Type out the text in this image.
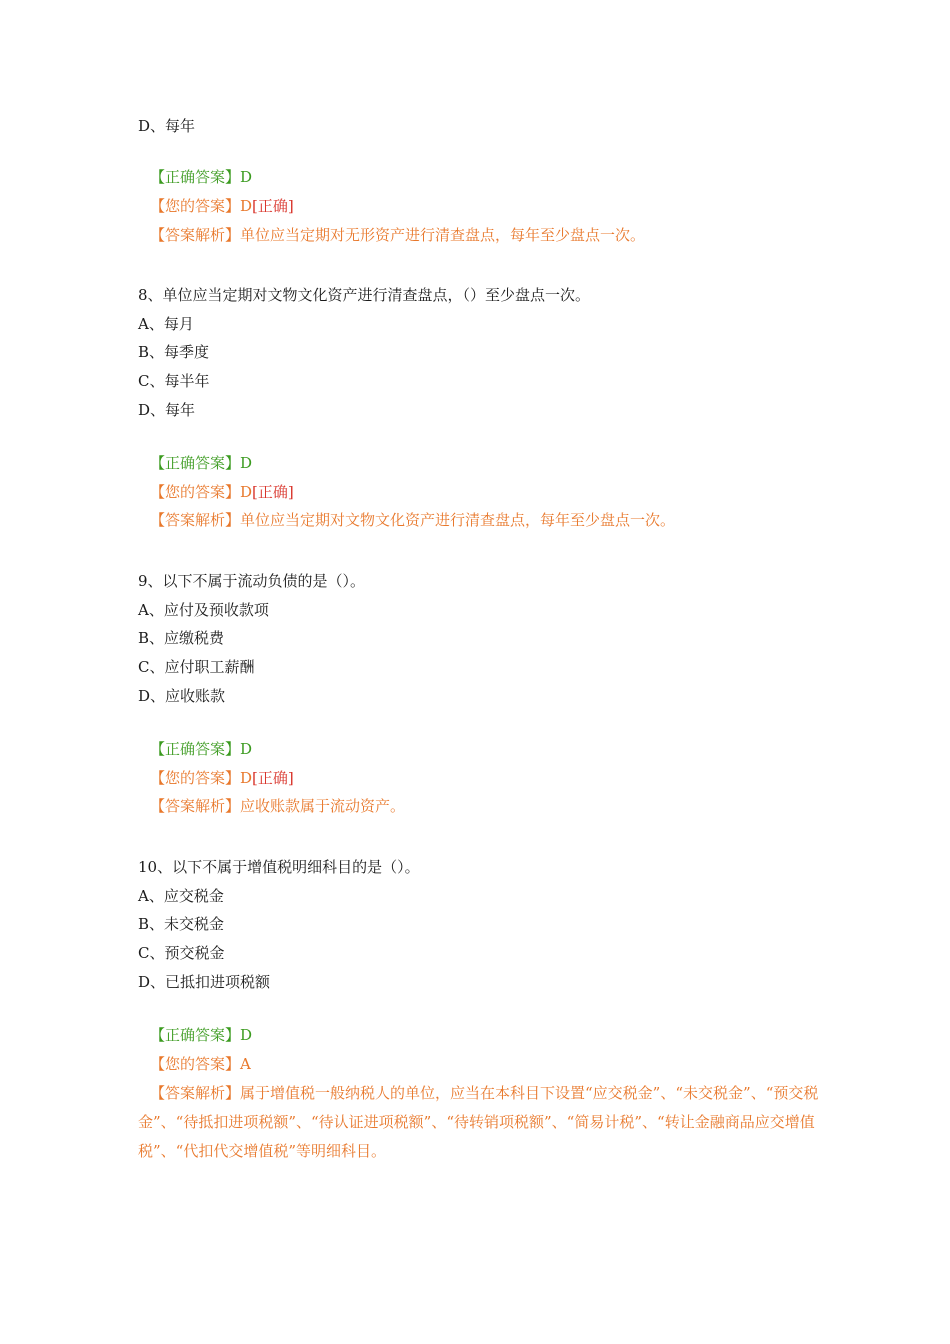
D、每年
【正确答案】D
【您的答案】D[正确]
【答案解析】单位应当定期对无形资产进行清查盘点，每年至少盘点一次。
8、单位应当定期对文物文化资产进行清查盘点，（）至少盘点一次。
A、每月
B、每季度
C、每半年
D、每年
【正确答案】D
【您的答案】D[正确]
【答案解析】单位应当定期对文物文化资产进行清查盘点，每年至少盘点一次。
9、以下不属于流动负债的是（）。
A、应付及预收款项
B、应缴税费
C、应付职工薪酬
D、应收账款
【正确答案】D
【您的答案】D[正确]
【答案解析】应收账款属于流动资产。
10、以下不属于增值税明细科目的是（）。
A、应交税金
B、未交税金
C、预交税金
D、已抵扣进项税额
【正确答案】D
【您的答案】A
【答案解析】属于增值税一般纳税人的单位，应当在本科目下设置“应交税金”、“未交税金”、“预交税金”、“待抵扣进项税额”、“待认证进项税额”、“待转销项税额”、“简易计税”、“转让金融商品应交增值税”、“代扣代交增值税”等明细科目。
